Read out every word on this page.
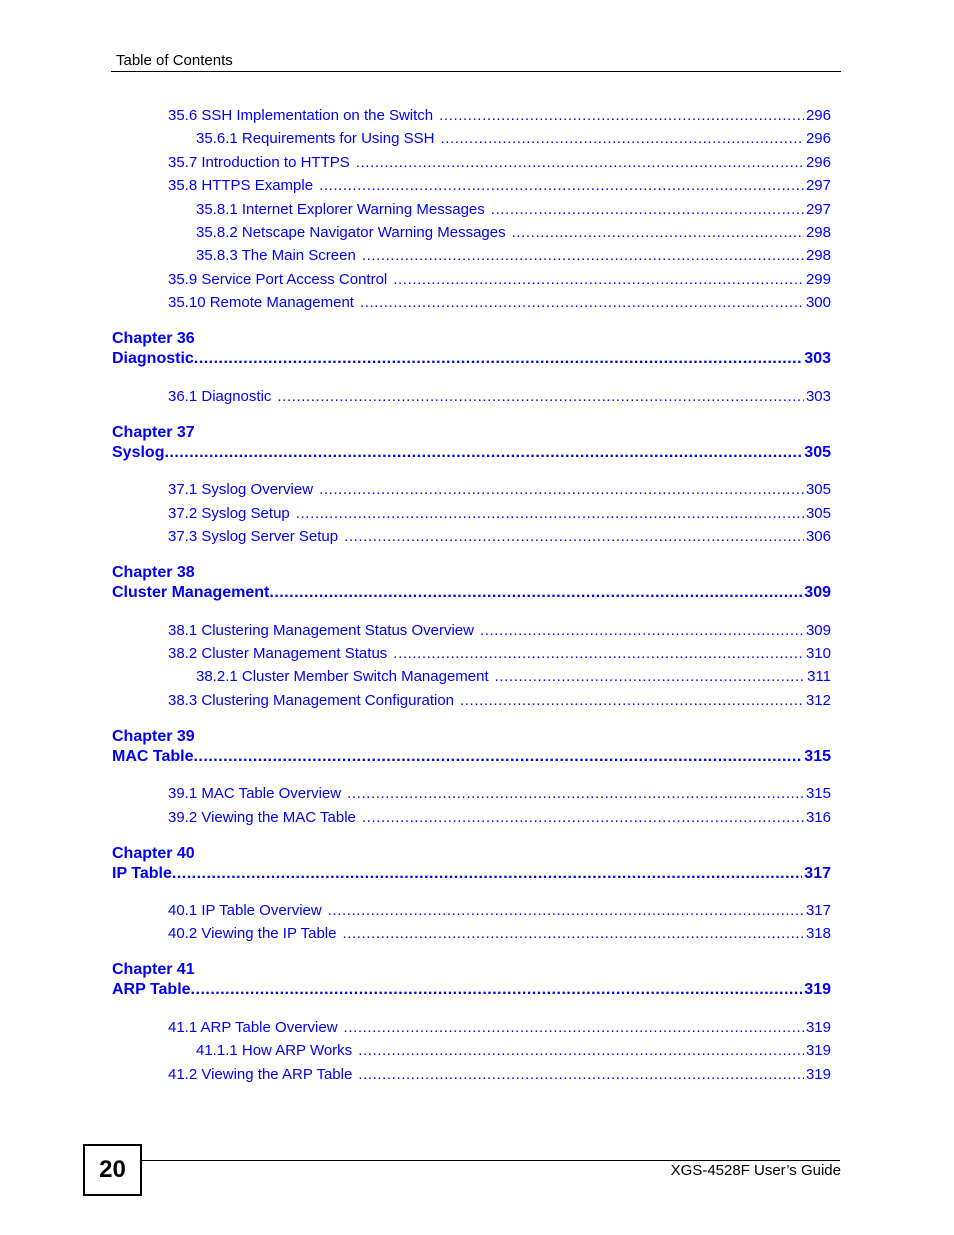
Table of Contents
35.6 SSH Implementation on the Switch .....	296
35.6.1 Requirements for Using SSH .....	296
35.7 Introduction to HTTPS .....	296
35.8 HTTPS Example .....	297
35.8.1 Internet Explorer Warning Messages .....	297
35.8.2 Netscape Navigator Warning Messages .....	298
35.8.3 The Main Screen .....	298
35.9 Service Port Access Control .....	299
35.10 Remote Management .....	300
Chapter 36
Diagnostic .....	303
36.1 Diagnostic .....	303
Chapter 37
Syslog .....	305
37.1 Syslog Overview .....	305
37.2 Syslog Setup .....	305
37.3 Syslog Server Setup .....	306
Chapter 38
Cluster Management .....	309
38.1 Clustering Management Status Overview .....	309
38.2 Cluster Management Status .....	310
38.2.1 Cluster Member Switch Management .....	311
38.3 Clustering Management Configuration .....	312
Chapter 39
MAC Table .....	315
39.1 MAC Table Overview .....	315
39.2 Viewing the MAC Table .....	316
Chapter 40
IP Table .....	317
40.1 IP Table Overview .....	317
40.2 Viewing the IP Table .....	318
Chapter 41
ARP Table .....	319
41.1 ARP Table Overview .....	319
41.1.1 How ARP Works .....	319
41.2 Viewing the ARP Table .....	319
20	XGS-4528F User’s Guide
